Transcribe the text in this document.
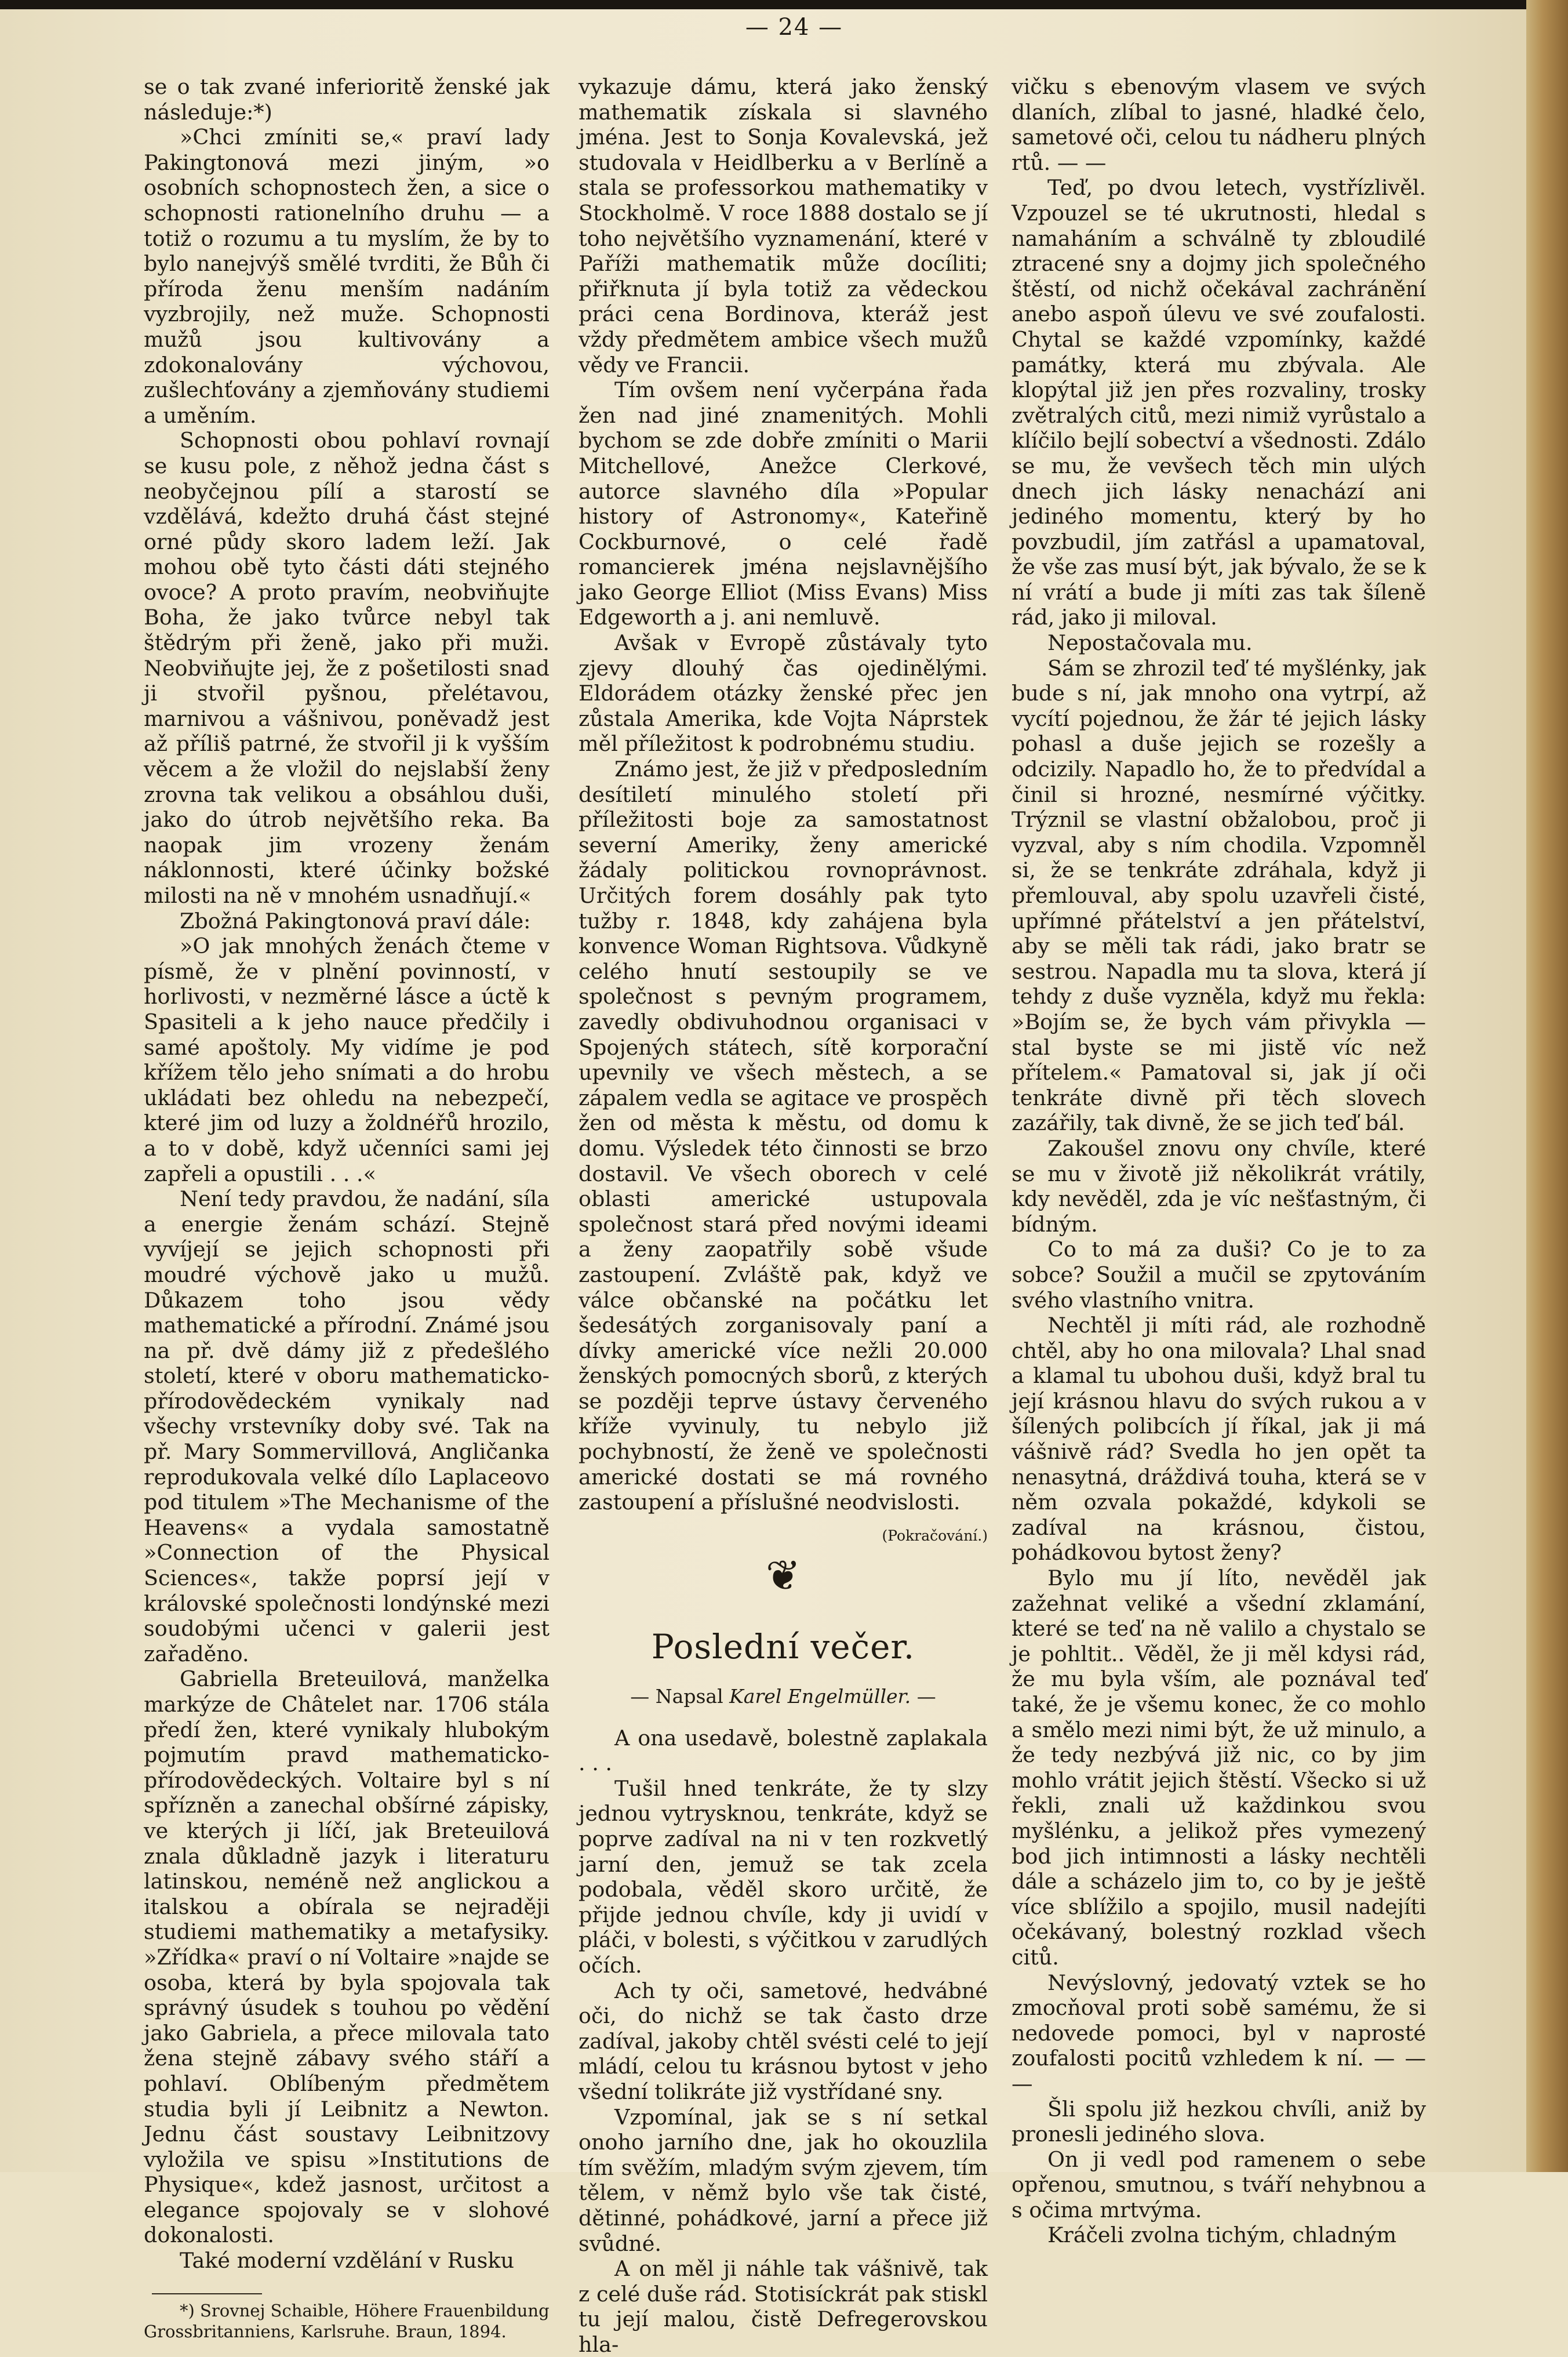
— 24 —

se o tak zvané inferioritě ženské jak následuje:*)

»Chci zmíniti se,« praví lady Pakingtonová mezi jiným, »o osobních schopnostech žen, a sice o schopnosti rationelního druhu — a totiž o rozumu a tu myslím, že by to bylo nanejvýš smělé tvrditi, že Bůh či příroda ženu menším nadáním vyzbrojily, než muže. Schopnosti mužů jsou kultivovány a zdokonalovány výchovou, zušlechťovány a zjemňovány studiemi a uměním.

Schopnosti obou pohlaví rovnají se kusu pole, z něhož jedna část s neobyčejnou pílí a starostí se vzdělává, kdežto druhá část stejné orné půdy skoro ladem leží. Jak mohou obě tyto části dáti stejného ovoce? A proto pravím, neobviňujte Boha, že jako tvůrce nebyl tak štědrým při ženě, jako při muži. Neobviňujte jej, že z pošetilosti snad ji stvořil pyšnou, přelétavou, marnivou a vášnivou, poněvadž jest až příliš patrné, že stvořil ji k vyšším věcem a že vložil do nejslabší ženy zrovna tak velikou a obsáhlou duši, jako do útrob největšího reka. Ba naopak jim vrozeny ženám náklonnosti, které účinky božské milosti na ně v mnohém usnadňují.«

Zbožná Pakingtonová praví dále:

»O jak mnohých ženách čteme v písmě, že v plnění povinností, v horlivosti, v nezměrné lásce a úctě k Spasiteli a k jeho nauce předčily i samé apoštoly. My vidíme je pod křížem tělo jeho snímati a do hrobu ukládati bez ohledu na nebezpečí, které jim od luzy a žoldnéřů hrozilo, a to v době, když učenníci sami jej zapřeli a opustili . . .«

Není tedy pravdou, že nadání, síla a energie ženám schází. Stejně vyvíjejí se jejich schopnosti při moudré výchově jako u mužů. Důkazem toho jsou vědy mathematické a přírodní. Známé jsou na př. dvě dámy již z předešlého století, které v oboru mathematicko-přírodovědeckém vynikaly nad všechy vrstevníky doby své. Tak na př. Mary Sommervillová, Angličanka reprodukovala velké dílo Laplaceovo pod titulem »The Mechanisme of the Heavens« a vydala samostatně »Connection of the Physical Sciences«, takže poprsí její v královské společnosti londýnské mezi soudobými učenci v galerii jest zařaděno.

Gabriella Breteuilová, manželka markýze de Châtelet nar. 1706 stála předí žen, které vynikaly hlubokým pojmutím pravd mathematicko-přírodovědeckých. Voltaire byl s ní spřízněn a zanechal obšírné zápisky, ve kterých ji líčí, jak Breteuilová znala důkladně jazyk i literaturu latinskou, neméně než anglickou a italskou a obírala se nejraději studiemi mathematiky a metafysiky. »Zřídka« praví o ní Voltaire »najde se osoba, která by byla spojovala tak správný úsudek s touhou po vědění jako Gabriela, a přece milovala tato žena stejně zábavy svého stáří a pohlaví. Oblíbeným předmětem studia byli jí Leibnitz a Newton. Jednu část soustavy Leibnitzovy vyložila ve spisu »Institutions de Physique«, kdež jasnost, určitost a elegance spojovaly se v slohové dokonalosti.

Také moderní vzdělání v Rusku

*) Srovnej Schaible, Höhere Frauenbildung Grossbritanniens, Karlsruhe. Braun, 1894.

vykazuje dámu, která jako ženský mathematik získala si slavného jména. Jest to Sonja Kovalevská, jež studovala v Heidlberku a v Berlíně a stala se professorkou mathematiky v Stockholmě. V roce 1888 dostalo se jí toho největšího vyznamenání, které v Paříži mathematik může docíliti; přiřknuta jí byla totiž za vědeckou práci cena Bordinova, kteráž jest vždy předmětem ambice všech mužů vědy ve Francii.

Tím ovšem není vyčerpána řada žen nad jiné znamenitých. Mohli bychom se zde dobře zmíniti o Marii Mitchellové, Anežce Clerkové, autorce slavného díla »Popular history of Astronomy«, Kateřině Cockburnové, o celé řadě romancierek jména nejslavnějšího jako George Elliot (Miss Evans) Miss Edgeworth a j. ani nemluvě.

Avšak v Evropě zůstávaly tyto zjevy dlouhý čas ojedinělými. Eldorádem otázky ženské přec jen zůstala Amerika, kde Vojta Náprstek měl příležitost k podrobnému studiu.

Známo jest, že již v předposledním desítiletí minulého století při příležitosti boje za samostatnost severní Ameriky, ženy americké žádaly politickou rovnoprávnost. Určitých forem dosáhly pak tyto tužby r. 1848, kdy zahájena byla konvence Woman Rightsova. Vůdkyně celého hnutí sestoupily se ve společnost s pevným programem, zavedly obdivuhodnou organisaci v Spojených státech, sítě korporační upevnily ve všech městech, a se zápalem vedla se agitace ve prospěch žen od města k městu, od domu k domu. Výsledek této činnosti se brzo dostavil. Ve všech oborech v celé oblasti americké ustupovala společnost stará před novými ideami a ženy zaopatřily sobě všude zastoupení. Zvláště pak, když ve válce občanské na počátku let šedesátých zorganisovaly paní a dívky americké více nežli 20.000 ženských pomocných sborů, z kterých se později teprve ústavy červeného kříže vyvinuly, tu nebylo již pochybností, že ženě ve společnosti americké dostati se má rovného zastoupení a příslušné neodvislosti.

(Pokračování.)
❦
Poslední večer.
— Napsal Karel Engelmüller. —

A ona usedavě, bolestně zaplakala . . .

Tušil hned tenkráte, že ty slzy jednou vytrysknou, tenkráte, když se poprve zadíval na ni v ten rozkvetlý jarní den, jemuž se tak zcela podobala, věděl skoro určitě, že přijde jednou chvíle, kdy ji uvidí v pláči, v bolesti, s výčitkou v zarudlých očích.

Ach ty oči, sametové, hedvábné oči, do nichž se tak často drze zadíval, jakoby chtěl svésti celé to její mládí, celou tu krásnou bytost v jeho všední tolikráte již vystřídané sny.

Vzpomínal, jak se s ní setkal onoho jarního dne, jak ho okouzlila tím svěžím, mladým svým zjevem, tím tělem, v němž bylo vše tak čisté, dětinné, pohádkové, jarní a přece již svůdné.

A on měl ji náhle tak vášnivě, tak z celé duše rád. Stotisíckrát pak stiskl tu její malou, čistě Defregerovskou hla-

vičku s ebenovým vlasem ve svých dlaních, zlíbal to jasné, hladké čelo, sametové oči, celou tu nádheru plných rtů. — —

Teď, po dvou letech, vystřízlivěl. Vzpouzel se té ukrutnosti, hledal s namaháním a schválně ty zbloudilé ztracené sny a dojmy jich společného štěstí, od nichž očekával zachránění anebo aspoň úlevu ve své zoufalosti. Chytal se každé vzpomínky, každé památky, která mu zbývala. Ale klopýtal již jen přes rozvaliny, trosky zvětralých citů, mezi nimiž vyrůstalo a klíčilo bejlí sobectví a všednosti. Zdálo se mu, že vevšech těch min ulých dnech jich lásky nenachází ani jediného momentu, který by ho povzbudil, jím zatřásl a upamatoval, že vše zas musí být, jak bývalo, že se k ní vrátí a bude ji míti zas tak šíleně rád, jako ji miloval.

Nepostačovala mu.

Sám se zhrozil teď té myšlénky, jak bude s ní, jak mnoho ona vytrpí, až vycítí pojednou, že žár té jejich lásky pohasl a duše jejich se rozešly a odcizily. Napadlo ho, že to předvídal a činil si hrozné, nesmírné výčitky. Trýznil se vlastní obžalobou, proč ji vyzval, aby s ním chodila. Vzpomněl si, že se tenkráte zdráhala, když ji přemlouval, aby spolu uzavřeli čisté, upřímné přátelství a jen přátelství, aby se měli tak rádi, jako bratr se sestrou. Napadla mu ta slova, která jí tehdy z duše vyzněla, když mu řekla: »Bojím se, že bych vám přivykla — stal byste se mi jistě víc než přítelem.« Pamatoval si, jak jí oči tenkráte divně při těch slovech zazářily, tak divně, že se jich teď bál.

Zakoušel znovu ony chvíle, které se mu v životě již několikrát vrátily, kdy nevěděl, zda je víc nešťastným, či bídným.

Co to má za duši? Co je to za sobce? Soužil a mučil se zpytováním svého vlastního vnitra.

Nechtěl ji míti rád, ale rozhodně chtěl, aby ho ona milovala? Lhal snad a klamal tu ubohou duši, když bral tu její krásnou hlavu do svých rukou a v šílených polibcích jí říkal, jak ji má vášnivě rád? Svedla ho jen opět ta nenasytná, dráždivá touha, která se v něm ozvala pokaždé, kdykoli se zadíval na krásnou, čistou, pohádkovou bytost ženy?

Bylo mu jí líto, nevěděl jak zažehnat veliké a všední zklamání, které se teď na ně valilo a chystalo se je pohltit.. Věděl, že ji měl kdysi rád, že mu byla vším, ale poznával teď také, že je všemu konec, že co mohlo a smělo mezi nimi být, že už minulo, a že tedy nezbývá již nic, co by jim mohlo vrátit jejich štěstí. Všecko si už řekli, znali už každinkou svou myšlénku, a jelikož přes vymezený bod jich intimnosti a lásky nechtěli dále a scházelo jim to, co by je ještě více sblížilo a spojilo, musil nadejíti očekávaný, bolestný rozklad všech citů.

Nevýslovný, jedovatý vztek se ho zmocňoval proti sobě samému, že si nedovede pomoci, byl v naprosté zoufalosti pocitů vzhledem k ní. — — —

Šli spolu již hezkou chvíli, aniž by pronesli jediného slova.

On ji vedl pod ramenem o sebe opřenou, smutnou, s tváří nehybnou a s očima mrtvýma.

Kráčeli zvolna tichým, chladným
